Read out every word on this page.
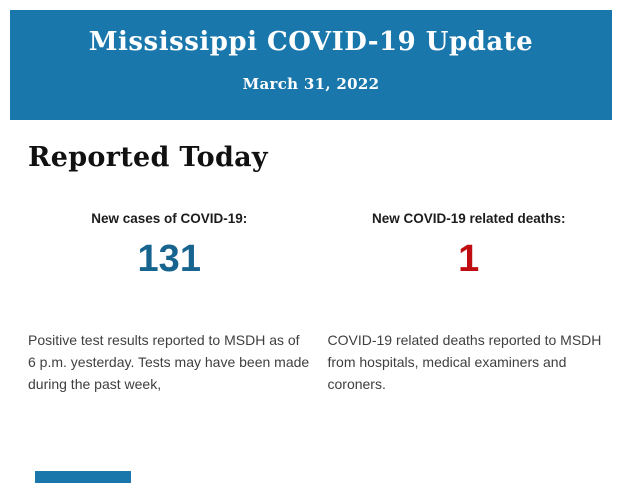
Mississippi COVID-19 Update
March 31, 2022
Reported Today
New cases of COVID-19:
131
Positive test results reported to MSDH as of 6 p.m. yesterday. Tests may have been made during the past week,
New COVID-19 related deaths:
1
COVID-19 related deaths reported to MSDH from hospitals, medical examiners and coroners.
